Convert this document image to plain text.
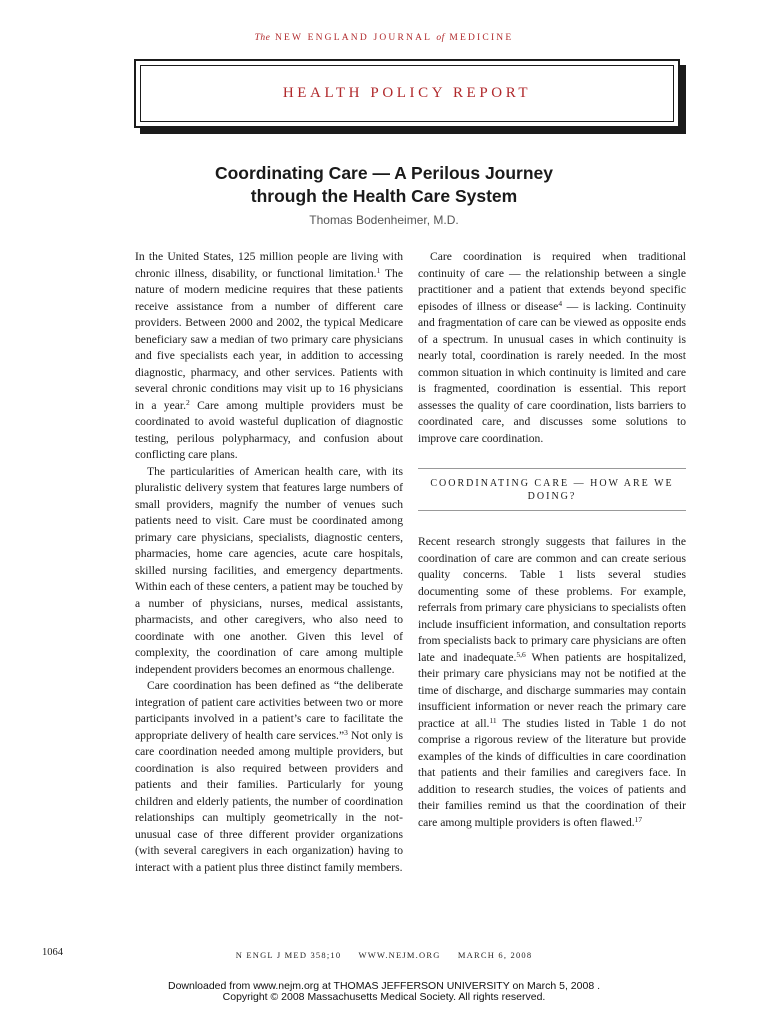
The NEW ENGLAND JOURNAL of MEDICINE
HEALTH POLICY REPORT
Coordinating Care — A Perilous Journey
through the Health Care System
Thomas Bodenheimer, M.D.

In the United States, 125 million people are living with chronic illness, disability, or functional limitation.$^1$ The nature of modern medicine requires that these patients receive assistance from a number of different care providers. Between 2000 and 2002, the typical Medicare beneficiary saw a median of two primary care physicians and five specialists each year, in addition to accessing diagnostic, pharmacy, and other services. Patients with several chronic conditions may visit up to 16 physicians in a year.$^2$ Care among multiple providers must be coordinated to avoid wasteful duplication of diagnostic testing, perilous polypharmacy, and confusion about conflicting care plans.

The particularities of American health care, with its pluralistic delivery system that features large numbers of small providers, magnify the number of venues such patients need to visit. Care must be coordinated among primary care physicians, specialists, diagnostic centers, pharmacies, home care agencies, acute care hospitals, skilled nursing facilities, and emergency departments. Within each of these centers, a patient may be touched by a number of physicians, nurses, medical assistants, pharmacists, and other caregivers, who also need to coordinate with one another. Given this level of complexity, the coordination of care among multiple independent providers becomes an enormous challenge.

Care coordination has been defined as “the deliberate integration of patient care activities between two or more participants involved in a patient’s care to facilitate the appropriate delivery of health care services.”$^3$ Not only is care coordination needed among multiple providers, but coordination is also required between providers and patients and their families. Particularly for young children and elderly patients, the number of coordination relationships can multiply geometrically in the not-unusual case of three different provider organizations (with several caregivers in each organization) having to interact with a patient plus three distinct family members.

Care coordination is required when traditional continuity of care — the relationship between a single practitioner and a patient that extends beyond specific episodes of illness or disease$^4$ — is lacking. Continuity and fragmentation of care can be viewed as opposite ends of a spectrum. In unusual cases in which continuity is nearly total, coordination is rarely needed. In the most common situation in which continuity is limited and care is fragmented, coordination is essential. This report assesses the quality of care coordination, lists barriers to coordinated care, and discusses some solutions to improve care coordination.

COORDINATING CARE — HOW ARE WE DOING?

Recent research strongly suggests that failures in the coordination of care are common and can create serious quality concerns. Table 1 lists several studies documenting some of these problems. For example, referrals from primary care physicians to specialists often include insufficient information, and consultation reports from specialists back to primary care physicians are often late and inadequate.$^{5,6}$ When patients are hospitalized, their primary care physicians may not be notified at the time of discharge, and discharge summaries may contain insufficient information or never reach the primary care practice at all.$^{11}$ The studies listed in Table 1 do not comprise a rigorous review of the literature but provide examples of the kinds of difficulties in care coordination that patients and their families and caregivers face. In addition to research studies, the voices of patients and their families remind us that the coordination of their care among multiple providers is often flawed.$^{17}$

N ENGL J MED 358;10 WWW.NEJM.ORG MARCH 6, 2008
1064
Downloaded from www.nejm.org at THOMAS JEFFERSON UNIVERSITY on March 5, 2008 .
Copyright © 2008 Massachusetts Medical Society. All rights reserved.
